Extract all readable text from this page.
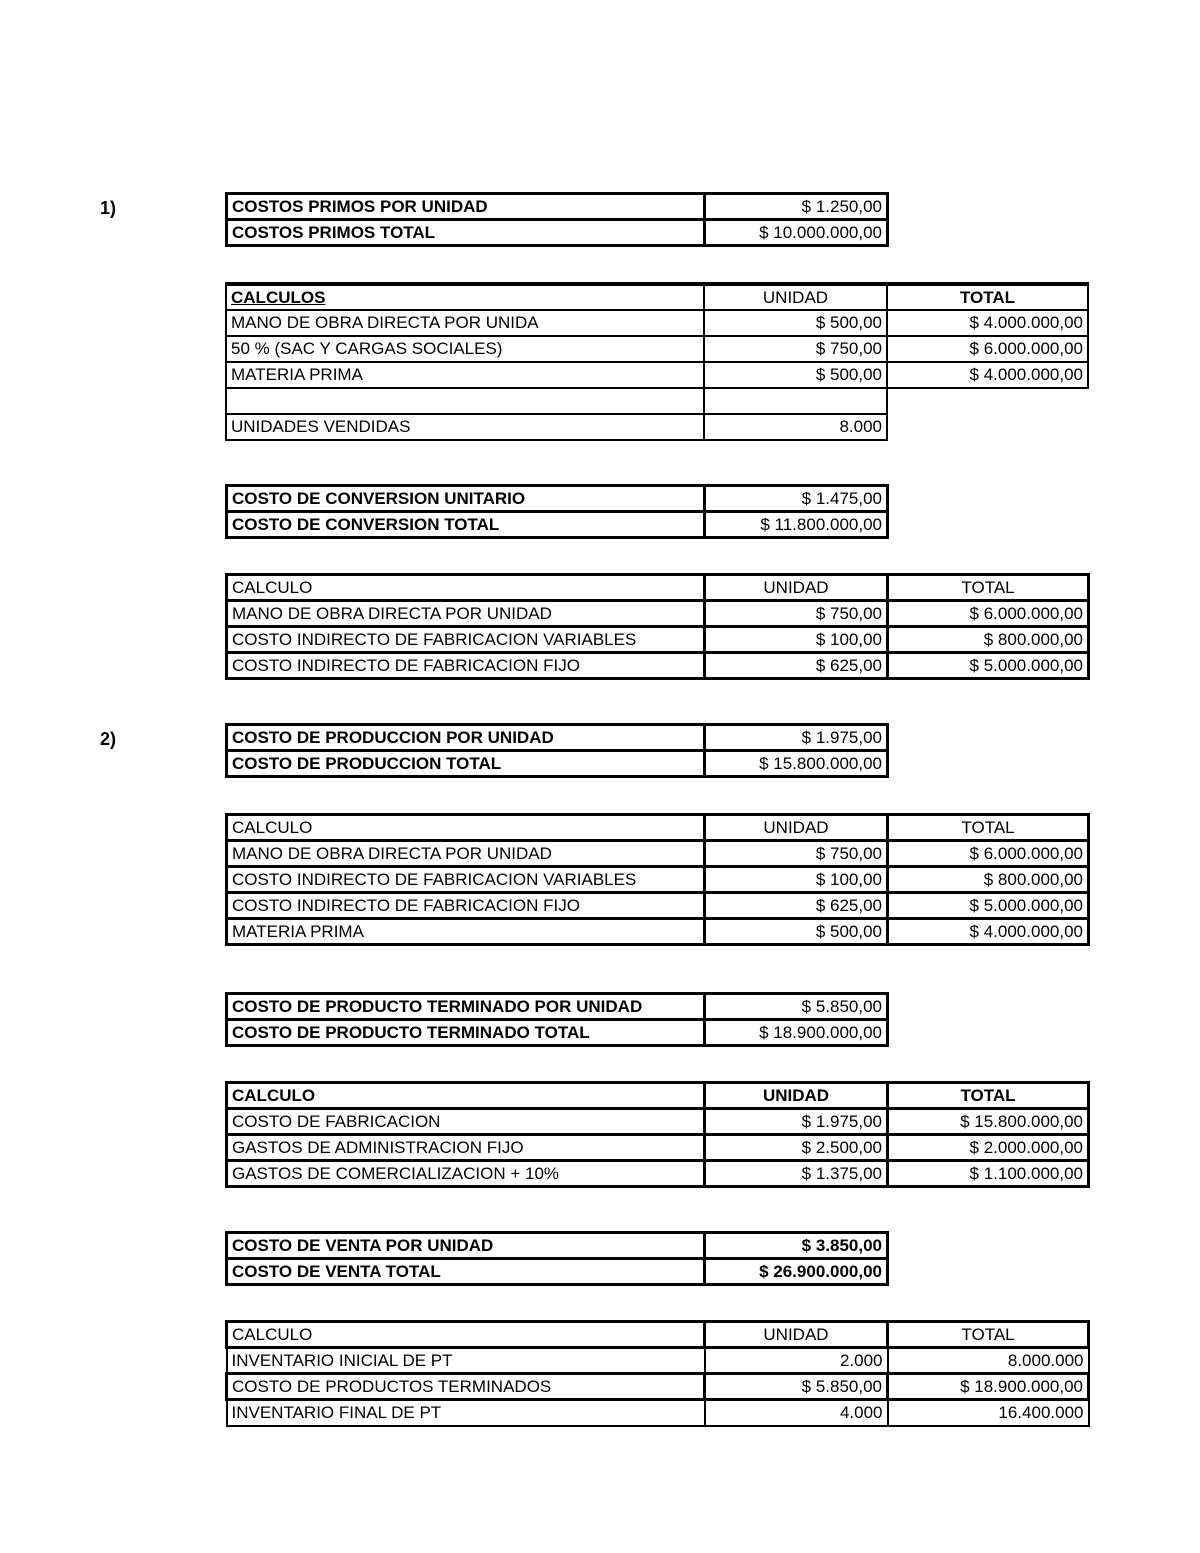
1)
2)
COSTOS PRIMOS POR UNIDAD	$ 1.250,00
COSTOS PRIMOS TOTAL	$ 10.000.000,00
CALCULOS	UNIDAD	TOTAL
MANO DE OBRA DIRECTA POR UNIDA	$ 500,00	$ 4.000.000,00
50 % (SAC Y CARGAS SOCIALES)	$ 750,00	$ 6.000.000,00
MATERIA PRIMA	$ 500,00	$ 4.000.000,00

UNIDADES VENDIDAS	8.000	
COSTO DE CONVERSION UNITARIO	$ 1.475,00
COSTO DE CONVERSION TOTAL	$ 11.800.000,00
CALCULO	UNIDAD	TOTAL
MANO DE OBRA DIRECTA POR UNIDAD	$ 750,00	$ 6.000.000,00
COSTO INDIRECTO DE FABRICACION VARIABLES	$ 100,00	$ 800.000,00
COSTO INDIRECTO DE FABRICACION FIJO	$ 625,00	$ 5.000.000,00
COSTO DE PRODUCCION POR UNIDAD	$ 1.975,00
COSTO DE PRODUCCION TOTAL	$ 15.800.000,00
CALCULO	UNIDAD	TOTAL
MANO DE OBRA DIRECTA POR UNIDAD	$ 750,00	$ 6.000.000,00
COSTO INDIRECTO DE FABRICACION VARIABLES	$ 100,00	$ 800.000,00
COSTO INDIRECTO DE FABRICACION FIJO	$ 625,00	$ 5.000.000,00
MATERIA PRIMA	$ 500,00	$ 4.000.000,00
COSTO DE PRODUCTO TERMINADO POR UNIDAD	$ 5.850,00
COSTO DE PRODUCTO TERMINADO TOTAL	$ 18.900.000,00
CALCULO	UNIDAD	TOTAL
COSTO DE FABRICACION	$ 1.975,00	$ 15.800.000,00
GASTOS DE ADMINISTRACION FIJO	$ 2.500,00	$ 2.000.000,00
GASTOS DE COMERCIALIZACION + 10%	$ 1.375,00	$ 1.100.000,00
COSTO DE VENTA POR UNIDAD	$ 3.850,00
COSTO DE VENTA TOTAL	$ 26.900.000,00
CALCULO	UNIDAD	TOTAL
INVENTARIO INICIAL DE PT	2.000	8.000.000
COSTO DE PRODUCTOS TERMINADOS	$ 5.850,00	$ 18.900.000,00
INVENTARIO FINAL DE PT	4.000	16.400.000
